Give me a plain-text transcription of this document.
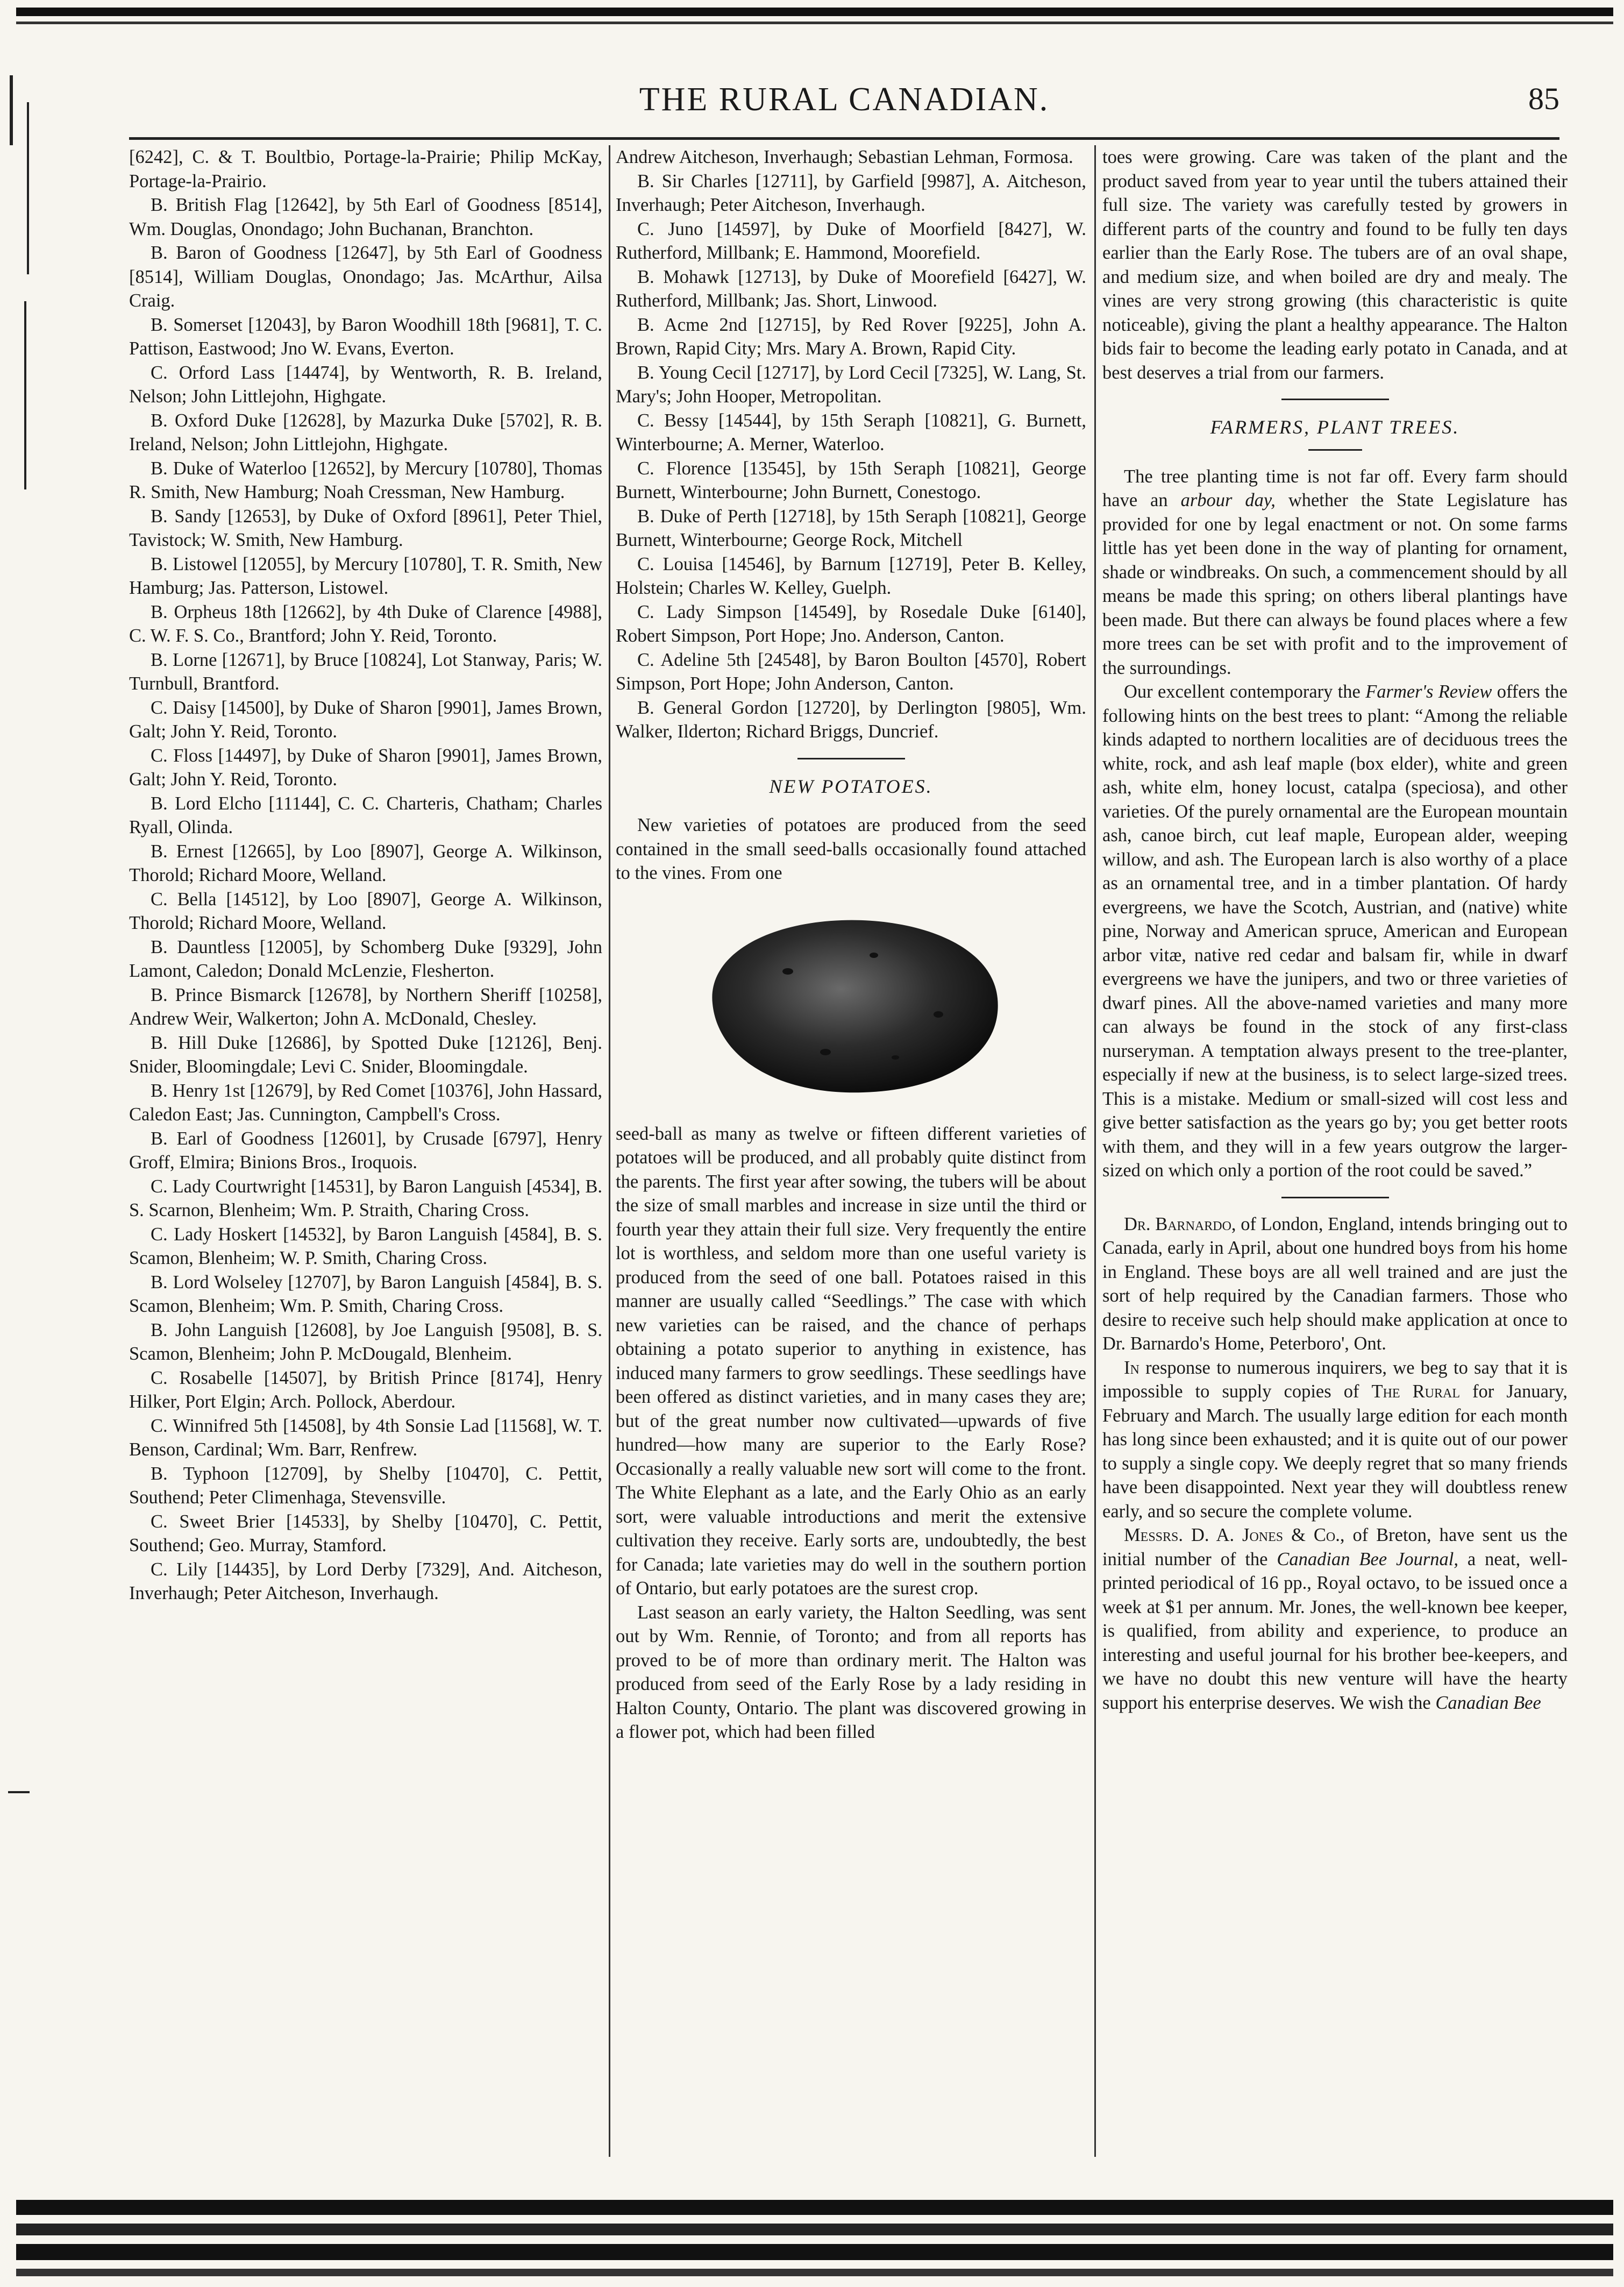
THE RURAL CANADIAN.	85

[6242], C. & T. Boultbio, Portage-la-Prairie; Philip McKay, Portage-la-Prairio.

B. British Flag [12642], by 5th Earl of Goodness [8514], Wm. Douglas, Onondago; John Buchanan, Branchton.

B. Baron of Goodness [12647], by 5th Earl of Goodness [8514], William Douglas, Onondago; Jas. McArthur, Ailsa Craig.

B. Somerset [12043], by Baron Woodhill 18th [9681], T. C. Pattison, Eastwood; Jno W. Evans, Everton.

C. Orford Lass [14474], by Wentworth, R. B. Ireland, Nelson; John Littlejohn, Highgate.

B. Oxford Duke [12628], by Mazurka Duke [5702], R. B. Ireland, Nelson; John Littlejohn, Highgate.

B. Duke of Waterloo [12652], by Mercury [10780], Thomas R. Smith, New Hamburg; Noah Cressman, New Hamburg.

B. Sandy [12653], by Duke of Oxford [8961], Peter Thiel, Tavistock; W. Smith, New Hamburg.

B. Listowel [12055], by Mercury [10780], T. R. Smith, New Hamburg; Jas. Patterson, Listowel.

B. Orpheus 18th [12662], by 4th Duke of Clarence [4988], C. W. F. S. Co., Brantford; John Y. Reid, Toronto.

B. Lorne [12671], by Bruce [10824], Lot Stanway, Paris; W. Turnbull, Brantford.

C. Daisy [14500], by Duke of Sharon [9901], James Brown, Galt; John Y. Reid, Toronto.

C. Floss [14497], by Duke of Sharon [9901], James Brown, Galt; John Y. Reid, Toronto.

B. Lord Elcho [11144], C. C. Charteris, Chatham; Charles Ryall, Olinda.

B. Ernest [12665], by Loo [8907], George A. Wilkinson, Thorold; Richard Moore, Welland.

C. Bella [14512], by Loo [8907], George A. Wilkinson, Thorold; Richard Moore, Welland.

B. Dauntless [12005], by Schomberg Duke [9329], John Lamont, Caledon; Donald McLenzie, Flesherton.

B. Prince Bismarck [12678], by Northern Sheriff [10258], Andrew Weir, Walkerton; John A. McDonald, Chesley.

B. Hill Duke [12686], by Spotted Duke [12126], Benj. Snider, Bloomingdale; Levi C. Snider, Bloomingdale.

B. Henry 1st [12679], by Red Comet [10376], John Hassard, Caledon East; Jas. Cunnington, Campbell's Cross.

B. Earl of Goodness [12601], by Crusade [6797], Henry Groff, Elmira; Binions Bros., Iroquois.

C. Lady Courtwright [14531], by Baron Languish [4534], B. S. Scarnon, Blenheim; Wm. P. Straith, Charing Cross.

C. Lady Hoskert [14532], by Baron Languish [4584], B. S. Scamon, Blenheim; W. P. Smith, Charing Cross.

B. Lord Wolseley [12707], by Baron Languish [4584], B. S. Scamon, Blenheim; Wm. P. Smith, Charing Cross.

B. John Languish [12608], by Joe Languish [9508], B. S. Scamon, Blenheim; John P. McDougald, Blenheim.

C. Rosabelle [14507], by British Prince [8174], Henry Hilker, Port Elgin; Arch. Pollock, Aberdour.

C. Winnifred 5th [14508], by 4th Sonsie Lad [11568], W. T. Benson, Cardinal; Wm. Barr, Renfrew.

B. Typhoon [12709], by Shelby [10470], C. Pettit, Southend; Peter Climenhaga, Stevensville.

C. Sweet Brier [14533], by Shelby [10470], C. Pettit, Southend; Geo. Murray, Stamford.

C. Lily [14435], by Lord Derby [7329], And. Aitcheson, Inverhaugh; Peter Aitcheson, Inverhaugh.

Andrew Aitcheson, Inverhaugh; Sebastian Lehman, Formosa.

B. Sir Charles [12711], by Garfield [9987], A. Aitcheson, Inverhaugh; Peter Aitcheson, Inverhaugh.

C. Juno [14597], by Duke of Moorfield [8427], W. Rutherford, Millbank; E. Hammond, Moorefield.

B. Mohawk [12713], by Duke of Moorefield [6427], W. Rutherford, Millbank; Jas. Short, Linwood.

B. Acme 2nd [12715], by Red Rover [9225], John A. Brown, Rapid City; Mrs. Mary A. Brown, Rapid City.

B. Young Cecil [12717], by Lord Cecil [7325], W. Lang, St. Mary's; John Hooper, Metropolitan.

C. Bessy [14544], by 15th Seraph [10821], G. Burnett, Winterbourne; A. Merner, Waterloo.

C. Florence [13545], by 15th Seraph [10821], George Burnett, Winterbourne; John Burnett, Conestogo.

B. Duke of Perth [12718], by 15th Seraph [10821], George Burnett, Winterbourne; George Rock, Mitchell

C. Louisa [14546], by Barnum [12719], Peter B. Kelley, Holstein; Charles W. Kelley, Guelph.

C. Lady Simpson [14549], by Rosedale Duke [6140], Robert Simpson, Port Hope; Jno. Anderson, Canton.

C. Adeline 5th [24548], by Baron Boulton [4570], Robert Simpson, Port Hope; John Anderson, Canton.

B. General Gordon [12720], by Derlington [9805], Wm. Walker, Ilderton; Richard Briggs, Duncrief.

NEW POTATOES.

New varieties of potatoes are produced from the seed contained in the small seed-balls occasionally found attached to the vines. From one

seed-ball as many as twelve or fifteen different varieties of potatoes will be produced, and all probably quite distinct from the parents. The first year after sowing, the tubers will be about the size of small marbles and increase in size until the third or fourth year they attain their full size. Very frequently the entire lot is worthless, and seldom more than one useful variety is produced from the seed of one ball. Potatoes raised in this manner are usually called “Seedlings.” The case with which new varieties can be raised, and the chance of perhaps obtaining a potato superior to anything in existence, has induced many farmers to grow seedlings. These seedlings have been offered as distinct varieties, and in many cases they are; but of the great number now cultivated—upwards of five hundred—how many are superior to the Early Rose? Occasionally a really valuable new sort will come to the front. The White Elephant as a late, and the Early Ohio as an early sort, were valuable introductions and merit the extensive cultivation they receive. Early sorts are, undoubtedly, the best for Canada; late varieties may do well in the southern portion of Ontario, but early potatoes are the surest crop.

Last season an early variety, the Halton Seedling, was sent out by Wm. Rennie, of Toronto; and from all reports has proved to be of more than ordinary merit. The Halton was produced from seed of the Early Rose by a lady residing in Halton County, Ontario. The plant was discovered growing in a flower pot, which had been filled

toes were growing. Care was taken of the plant and the product saved from year to year until the tubers attained their full size. The variety was carefully tested by growers in different parts of the country and found to be fully ten days earlier than the Early Rose. The tubers are of an oval shape, and medium size, and when boiled are dry and mealy. The vines are very strong growing (this characteristic is quite noticeable), giving the plant a healthy appearance. The Halton bids fair to become the leading early potato in Canada, and at best deserves a trial from our farmers.

FARMERS, PLANT TREES.

The tree planting time is not far off. Every farm should have an arbour day, whether the State Legislature has provided for one by legal enactment or not. On some farms little has yet been done in the way of planting for ornament, shade or windbreaks. On such, a commencement should by all means be made this spring; on others liberal plantings have been made. But there can always be found places where a few more trees can be set with profit and to the improvement of the surroundings.

Our excellent contemporary the Farmer's Review offers the following hints on the best trees to plant: “Among the reliable kinds adapted to northern localities are of deciduous trees the white, rock, and ash leaf maple (box elder), white and green ash, white elm, honey locust, catalpa (speciosa), and other varieties. Of the purely ornamental are the European mountain ash, canoe birch, cut leaf maple, European alder, weeping willow, and ash. The European larch is also worthy of a place as an ornamental tree, and in a timber plantation. Of hardy evergreens, we have the Scotch, Austrian, and (native) white pine, Norway and American spruce, American and European arbor vitæ, native red cedar and balsam fir, while in dwarf evergreens we have the junipers, and two or three varieties of dwarf pines. All the above-named varieties and many more can always be found in the stock of any first-class nurseryman. A temptation always present to the tree-planter, especially if new at the business, is to select large-sized trees. This is a mistake. Medium or small-sized will cost less and give better satisfaction as the years go by; you get better roots with them, and they will in a few years outgrow the larger-sized on which only a portion of the root could be saved.”

Dr. Barnardo, of London, England, intends bringing out to Canada, early in April, about one hundred boys from his home in England. These boys are all well trained and are just the sort of help required by the Canadian farmers. Those who desire to receive such help should make application at once to Dr. Barnardo's Home, Peterboro', Ont.

In response to numerous inquirers, we beg to say that it is impossible to supply copies of The Rural for January, February and March. The usually large edition for each month has long since been exhausted; and it is quite out of our power to supply a single copy. We deeply regret that so many friends have been disappointed. Next year they will doubtless renew early, and so secure the complete volume.

Messrs. D. A. Jones & Co., of Breton, have sent us the initial number of the Canadian Bee Journal, a neat, well-printed periodical of 16 pp., Royal octavo, to be issued once a week at $1 per annum. Mr. Jones, the well-known bee keeper, is qualified, from ability and experience, to produce an interesting and useful journal for his brother bee-keepers, and we have no doubt this new venture will have the hearty support his enterprise deserves. We wish the Canadian Bee
